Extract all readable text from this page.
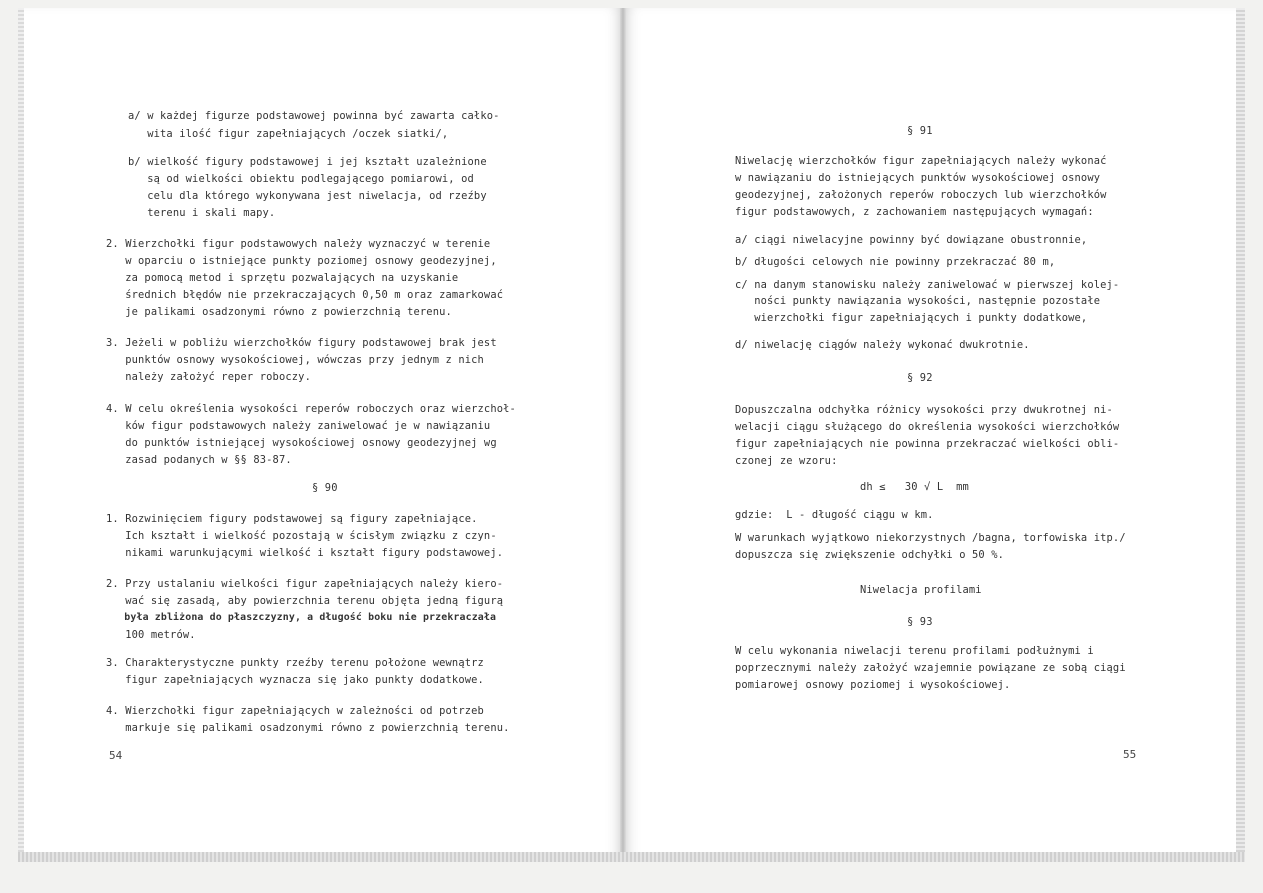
a/ w każdej figurze podstawowej powinna być zawarta całko-
wita ilość figur zapełniających /oczek siatki/,
b/ wielkość figury podstawowej i jej kształt uzależnione
są od wielkości obiektu podlegającego pomiarowi, od
celu dla którego wykonywana jest niwelacja, od rzeźby
terenu i skali mapy.
2. Wierzchołki figur podstawowych należy wyznaczyć w terenie
w oparciu o istniejące punkty poziomej osnowy geodezyjnej,
za pomocą metod i sprzętu pozwalających na uzyskanie
średnich błędów nie przekraczających 0,50 m oraz zamarkować
je palikami osadzonymi równo z powierzchnią terenu.
3. Jeżeli w pobliżu wierzchołków figury podstawowej brak jest
punktów osnowy wysokościowej, wówczas przy jednym z nich
należy założyć reper roboczy.
4. W celu określenia wysokości reperów roboczych oraz wierzchoł-
ków figur podstawowych należy zaniwelować je w nawiązaniu
do punktów istniejącej wysokościowej osnowy geodezyjnej wg
zasad podanych w §§ 83-87.
§ 90
1. Rozwinięciem figury podstawowej są figury zapełniające.
Ich kształt i wielkość pozostają w ścisłym związku z czyn-
nikami warunkującymi wielkość i kształt figury podstawowej.
2. Przy ustalaniu wielkości figur zapełniających należy kiero-
wać się zasadą, aby powierzchnia terenu objęta jedną figurą
była zbliżona do płaszczyzny, a długość boku nie przekraczała
100 metrów.
3. Charakterystyczne punkty rzeźby terenu położone wewnątrz
figur zapełniających wyznacza się jako punkty dodatkowe.
4. Wierzchołki figur zapełniających w zależności od potrzeb
markuje się palikami osadzonymi równo z powierzchnią terenu.
54
§ 91
Niwelację wierzchołków figur zapełniających należy wykonać
w nawiązaniu do istniejących punktów wysokościowej osnowy
geodezyjnej, założonych reperów roboczych lub wierzchołków
figur podstawowych, z zachowaniem następujących wymagań:
a/ ciągi niwelacyjne powinny być dowiązane obustronnie,
b/ długości celowych nie powinny przekraczać 80 m,
c/ na danym stanowisku należy zaniwelować w pierwszej kolej-
ności punkty nawiązania wysokości, następnie pozostałe
wierzchołki figur zapełniających i punkty dodatkowe,
d/ niwelację ciągów należy wykonać dwukrotnie.
§ 92
Dopuszczalna odchyłka różnicy wysokości przy dwukrotnej ni-
welacji ciągu służącego do określenia wysokości wierzchołków
figur zapełniających nie powinna przekraczać wielkości obli-
czonej ze wzoru:
dh ≤   30 √ L  mm
gdzie:  L - długość ciągu w km.
W warunkach wyjątkowo niekorzystnych /bagna, torfowiska itp./
dopuszcza się zwiększenie odchyłki o 50 %.
Niwelacja profilami
§ 93
W celu wykonania niwelacji terenu profilami podłużnymi i
poprzecznymi należy założyć wzajemnie powiązane ze sobą ciągi
pomiarowej osnowy poziomej i wysokościowej.
55
